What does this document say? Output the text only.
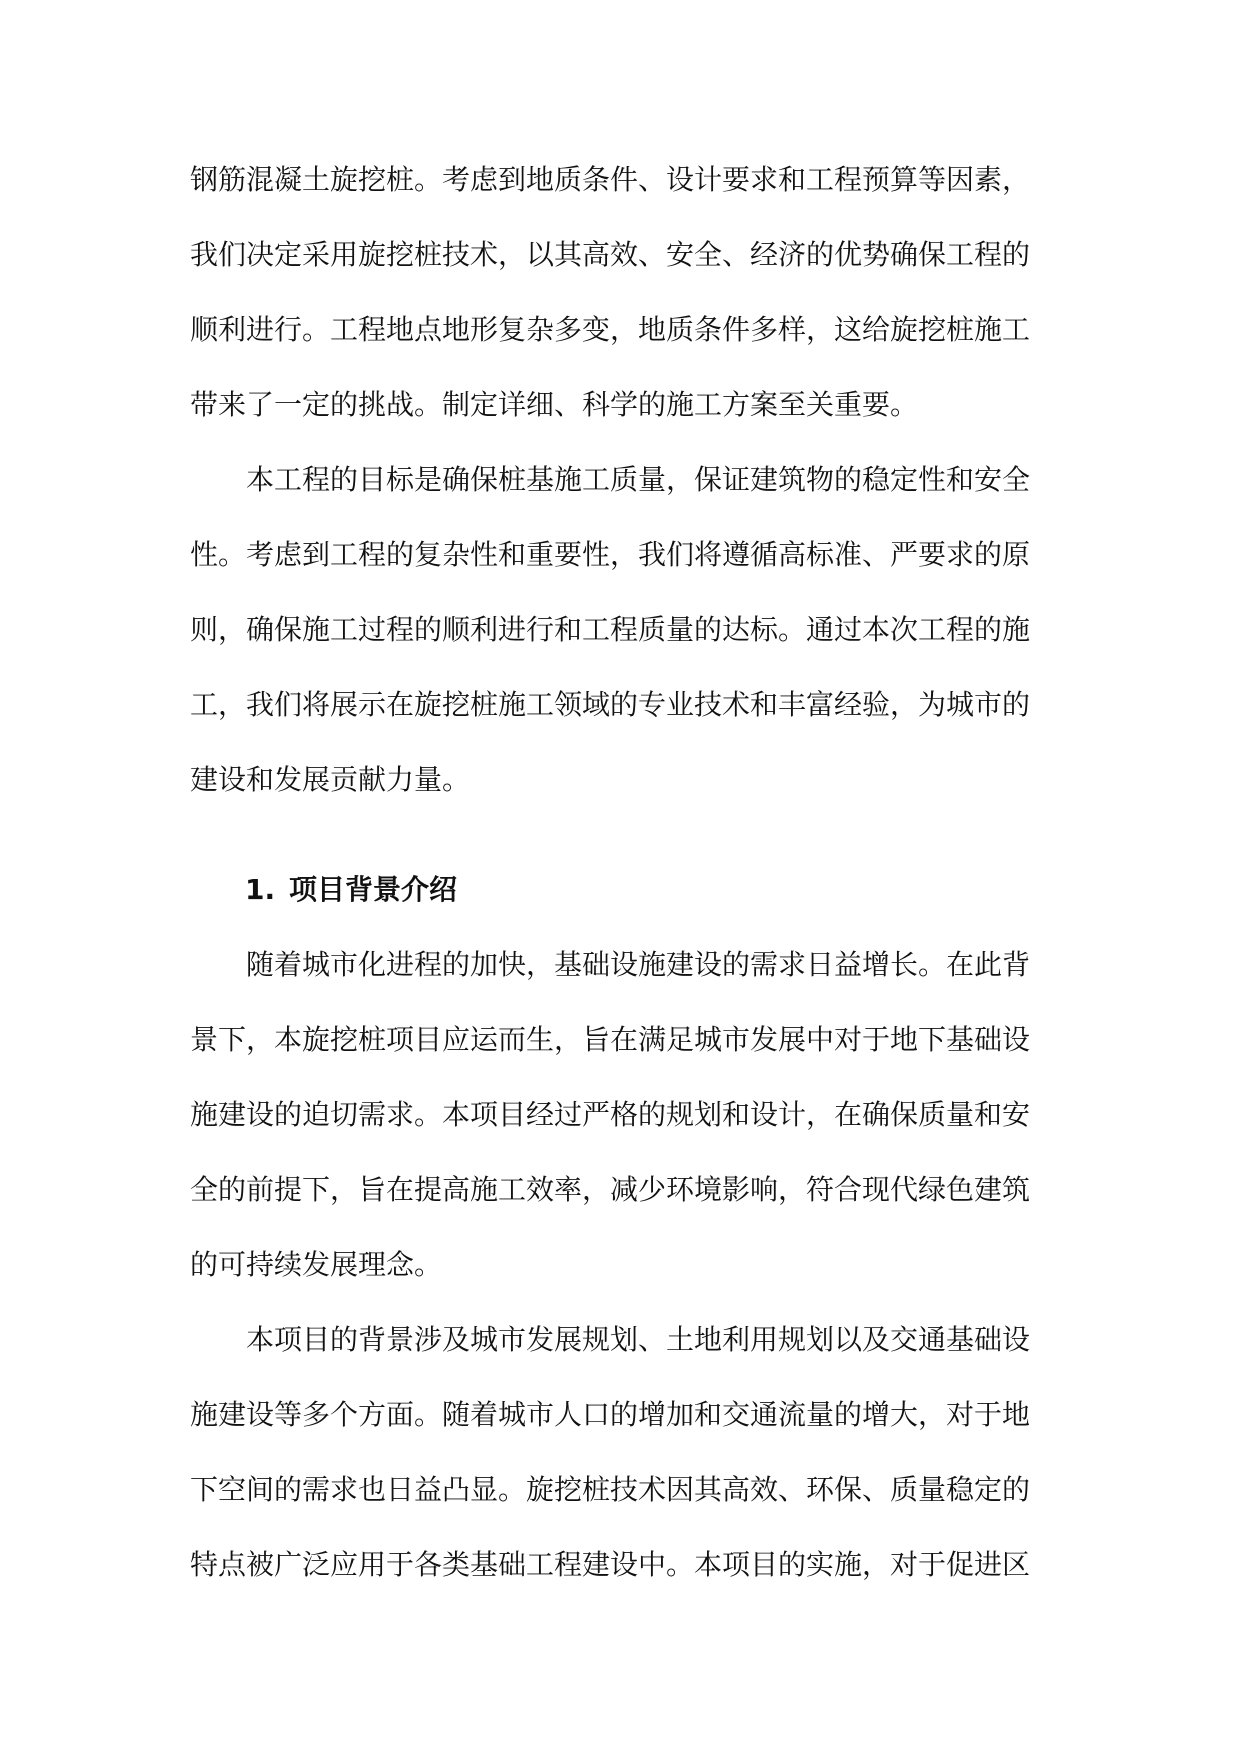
钢筋混凝土旋挖桩。考虑到地质条件、设计要求和工程预算等因素，
我们决定采用旋挖桩技术，以其高效、安全、经济的优势确保工程的
顺利进行。工程地点地形复杂多变，地质条件多样，这给旋挖桩施工
带来了一定的挑战。制定详细、科学的施工方案至关重要。
　　本工程的目标是确保桩基施工质量，保证建筑物的稳定性和安全
性。考虑到工程的复杂性和重要性，我们将遵循高标准、严要求的原
则，确保施工过程的顺利进行和工程质量的达标。通过本次工程的施
工，我们将展示在旋挖桩施工领域的专业技术和丰富经验，为城市的
建设和发展贡献力量。
1. 项目背景介绍
　　随着城市化进程的加快，基础设施建设的需求日益增长。在此背
景下，本旋挖桩项目应运而生，旨在满足城市发展中对于地下基础设
施建设的迫切需求。本项目经过严格的规划和设计，在确保质量和安
全的前提下，旨在提高施工效率，减少环境影响，符合现代绿色建筑
的可持续发展理念。
　　本项目的背景涉及城市发展规划、土地利用规划以及交通基础设
施建设等多个方面。随着城市人口的增加和交通流量的增大，对于地
下空间的需求也日益凸显。旋挖桩技术因其高效、环保、质量稳定的
特点被广泛应用于各类基础工程建设中。本项目的实施，对于促进区
